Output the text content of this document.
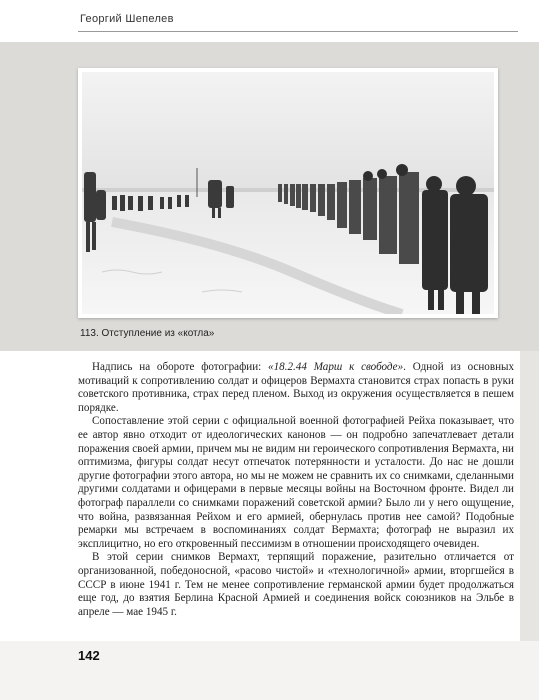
Георгий Шепелев
113. Отступление из «котла»

Надпись на обороте фотографии: «18.2.44 Марш к свободе». Одной из основных мотиваций к сопротивлению солдат и офицеров Вермахта становится страх попасть в руки советского противника, страх перед пленом. Выход из окружения осуществляется в пешем порядке.

Сопоставление этой серии с официальной военной фотографией Рейха показывает, что ее автор явно отходит от идеологических канонов — он подробно запечатлевает детали поражения своей армии, причем мы не видим ни героического сопротивления Вермахта, ни оптимизма, фигуры солдат несут отпечаток потерянности и усталости. До нас не дошли другие фотографии этого автора, но мы не можем не сравнить их со снимками, сделанными другими солдатами и офицерами в первые месяцы войны на Восточном фронте. Видел ли фотограф параллели со снимками поражений советской армии? Было ли у него ощущение, что война, развязанная Рейхом и его армией, обернулась против нее самой? Подобные ремарки мы встречаем в воспоминаниях солдат Вермахта; фотограф не выразил их эксплицитно, но его откровенный пессимизм в отношении происходящего очевиден.

В этой серии снимков Вермахт, терпящий поражение, разительно отличается от организованной, победоносной, «расово чистой» и «технологичной» армии, вторгшейся в СССР в июне 1941 г. Тем не менее сопротивление германской армии будет продолжаться еще год, до взятия Берлина Красной Армией и соединения войск союзников на Эльбе в апреле — мае 1945 г.

142
